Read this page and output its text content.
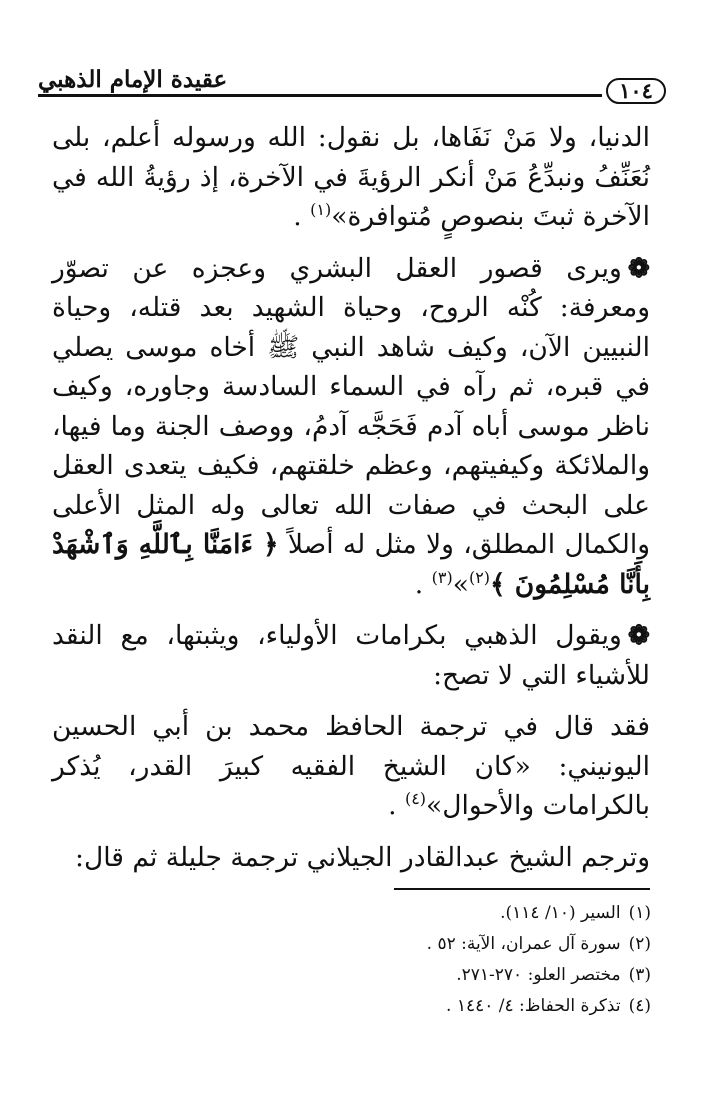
عقيدة الإمام الذهبي	١٠٤

الدنيا، ولا مَنْ نَفَاها، بل نقول: الله ورسوله أعلم، بلى نُعَنِّفُ ونبدِّعُ مَنْ أنكر الرؤيةَ في الآخرة، إذ رؤيةُ الله في الآخرة ثبتَ بنصوصٍ مُتوافرة»$^{(١)}$ .

❁ويرى قصور العقل البشري وعجزه عن تصوّر ومعرفة: كُنْه الروح، وحياة الشهيد بعد قتله، وحياة النبيين الآن، وكيف شاهد النبي ﷺ أخاه موسى يصلي في قبره، ثم رآه في السماء السادسة وجاوره، وكيف ناظر موسى أباه آدم فَحَجَّه آدمُ، ووصف الجنة وما فيها، والملائكة وكيفيتهم، وعظم خلقتهم، فكيف يتعدى العقل على البحث في صفات الله تعالى وله المثل الأعلى والكمال المطلق، ولا مثل له أصلاً ﴿ ءَامَنَّا بِٱللَّهِ وَٱشْهَدْ بِأَنَّا مُسْلِمُونَ ﴾$^{(٢)}$»$^{(٣)}$ .

❁ويقول الذهبي بكرامات الأولياء، ويثبتها، مع النقد للأشياء التي لا تصح:

فقد قال في ترجمة الحافظ محمد بن أبي الحسين اليونيني: «كان الشيخ الفقيه كبيرَ القدر، يُذكر بالكرامات والأحوال»$^{(٤)}$ .

وترجم الشيخ عبدالقادر الجيلاني ترجمة جليلة ثم قال:

(١)السير (١٠/ ١١٤).

(٢)سورة آل عمران، الآية: ٥٢ .

(٣)مختصر العلو: ٢٧٠-٢٧١.

(٤)تذكرة الحفاظ: ٤/ ١٤٤٠ .
